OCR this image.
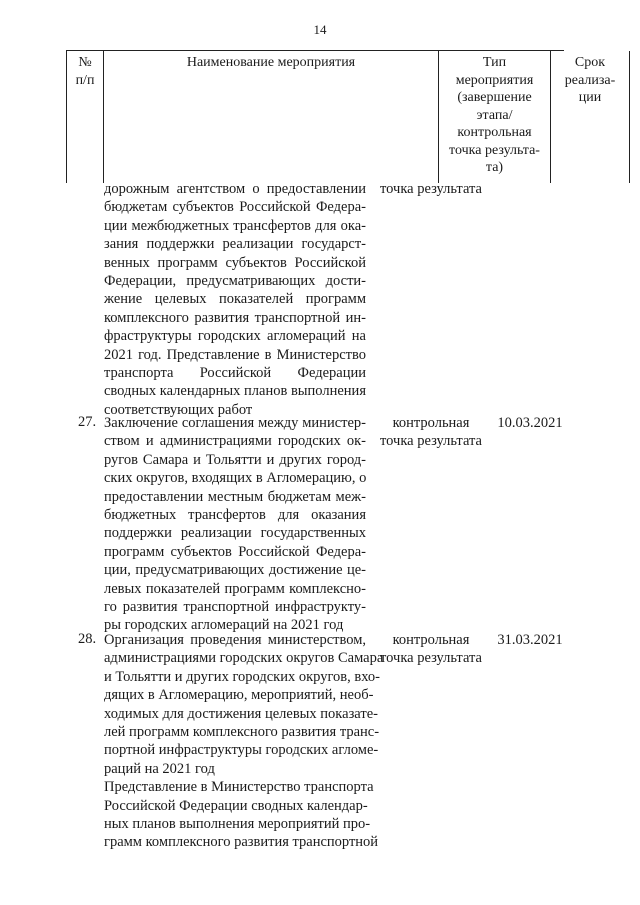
14
№
п/п
Наименование мероприятия	Тип
мероприятия
(завершение
этапа/
контрольная
точка результа-
та)
Срок
реализа-
ции
дорожным агентством о предоставлении
бюджетам субъектов Российской Федера-
ции межбюджетных трансфертов для ока-
зания поддержки реализации государст-
венных программ субъектов Российской
Федерации, предусматривающих дости-
жение целевых показателей программ
комплексного развития транспортной ин-
фраструктуры городских агломераций на
2021 год. Представление в Министерство
транспорта Российской Федерации
сводных календарных планов выполнения
соответствующих работ
точка результата
27. Заключение соглашения между министер-
ством и администрациями городских ок-
ругов Самара и Тольятти и других город-
ских округов, входящих в Агломерацию, о
предоставлении местным бюджетам меж-
бюджетных трансфертов для оказания
поддержки реализации государственных
программ субъектов Российской Федера-
ции, предусматривающих достижение це-
левых показателей программ комплексно-
го развития транспортной инфраструкту-
ры городских агломераций на 2021 год
контрольная
точка результата
10.03.2021
28. Организация проведения министерством,
администрациями городских округов Самара
и Тольятти и других городских округов, вхо-
дящих в Агломерацию, мероприятий, необ-
ходимых для достижения целевых показате-
лей программ комплексного развития транс-
портной инфраструктуры городских агломе-
раций на 2021 год
Представление в Министерство транспорта
Российской Федерации сводных календар-
ных планов выполнения мероприятий про-
грамм комплексного развития транспортной
контрольная
точка результата
31.03.2021
